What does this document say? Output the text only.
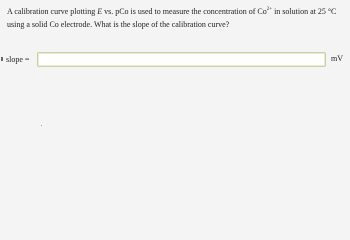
A calibration curve plotting E vs. pCo is used to measure the concentration of $Co^{2+}$ in solution at 25 °C using a solid Co electrode. What is the slope of the calibration curve?
slope =	mV
